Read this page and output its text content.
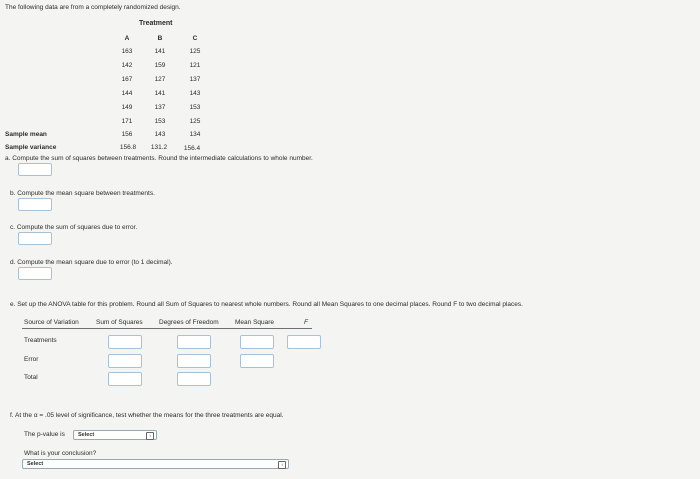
The following data are from a completely randomized design.
Treatment
A	B	C
163	141	125
142	159	121
167	127	137
144	141	143
149	137	153
171	153	125
Sample mean	156	143	134
Sample variance	156.8	131.2	156.4
a. Compute the sum of squares between treatments. Round the intermediate calculations to whole number.
b. Compute the mean square between treatments.
c. Compute the sum of squares due to error.
d. Compute the mean square due to error (to 1 decimal).
e. Set up the ANOVA table for this problem. Round all Sum of Squares to nearest whole numbers. Round all Mean Squares to one decimal places. Round F to two decimal places.
Source of Variation	Sum of Squares	Degrees of Freedom	Mean Square	F
Treatments
Error
Total
f. At the α = .05 level of significance, test whether the means for the three treatments are equal.
The p-value is	Select	↕
What is your conclusion?
Select	↕
